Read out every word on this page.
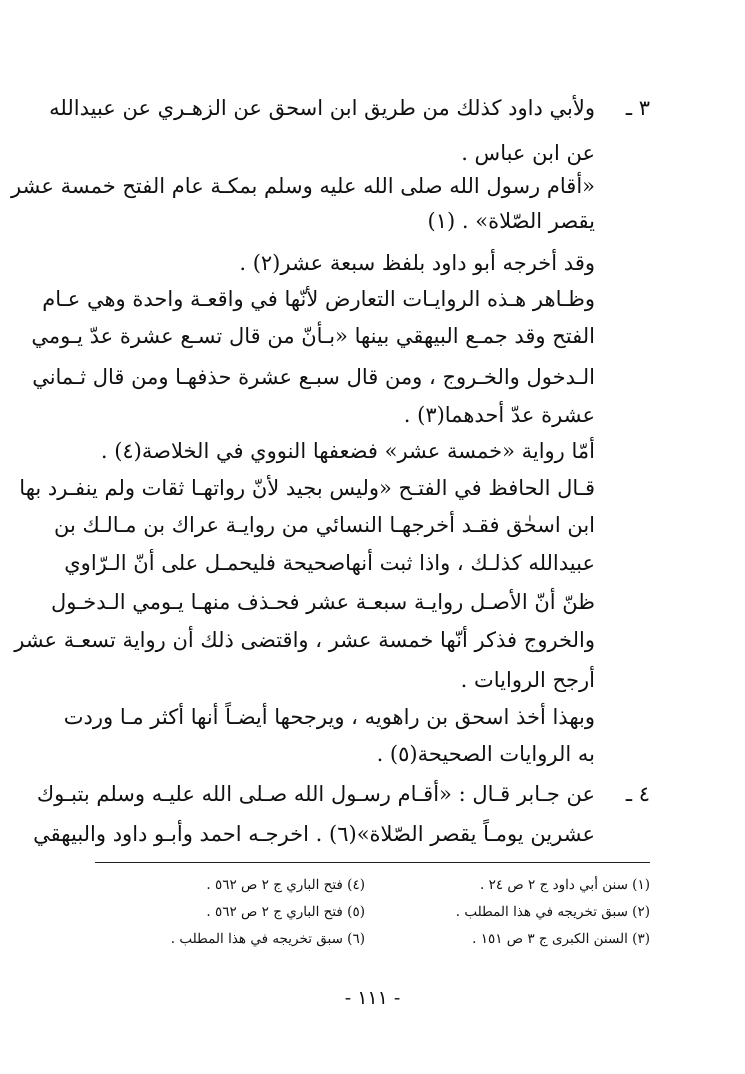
٣ ـ
ولأبي داود كذلك من طريق ابن اسحق عن الزهـري عن عبيدالله
عن ابن عباس .
«أقام رسول الله صلى الله عليه وسلم بمكـة عام الفتح خمسة عشر
يقصر الصّلاة» . (١)
وقد أخرجه أبو داود بلفظ سبعة عشر(٢) .
وظـاهر هـذه الروايـات التعارض لأنّها في واقعـة واحدة وهي عـام
الفتح وقد جمـع البيهقي بينها «بـأنّ من قال تسـع عشرة عدّ يـومي
الـدخول والخـروج ، ومن قال سبـع عشرة حذفهـا ومن قال ثـماني
عشرة عدّ أحدهما(٣) .
أمّا رواية «خمسة عشر» فضعفها النووي في الخلاصة(٤) .
قـال الحافظ في الفتـح «وليس بجيد لأنّ رواتهـا ثقات ولم ينفـرد بها
ابن اسحٰق فقـد أخرجهـا النسائي من روايـة عراك بن مـالـك بن
عبيدالله كذلـك ، واذا ثبت أنهاصحيحة فليحمـل على أنّ الـرّاوي
ظنّ أنّ الأصـل روايـة سبعـة عشر فحـذف منهـا يـومي الـدخـول
والخروج فذكر أنّها خمسة عشر ، واقتضى ذلك أن رواية تسعـة عشر
أرجح الروايات .
وبهذا أخذ اسحق بن راهويه ، ويرجحها أيضـاً أنها أكثر مـا وردت
به الروايات الصحيحة(٥) .
٤ ـ
عن جـابر قـال : «أقـام رسـول الله صـلى الله عليـه وسلم بتبـوك
عشرين يومـاً يقصر الصّلاة»(٦) . اخرجـه احمد وأبـو داود والبيهقي
(١) سنن أبي داود ج ٢ ص ٢٤ .
(٢) سبق تخريجه في هذا المطلب .
(٣) السنن الكبرى ج ٣ ص ١٥١ .
(٤) فتح الباري ج ٢ ص ٥٦٢ .
(٥) فتح الباري ج ٢ ص ٥٦٢ .
(٦) سبق تخريجه في هذا المطلب .
- ١١١ -
